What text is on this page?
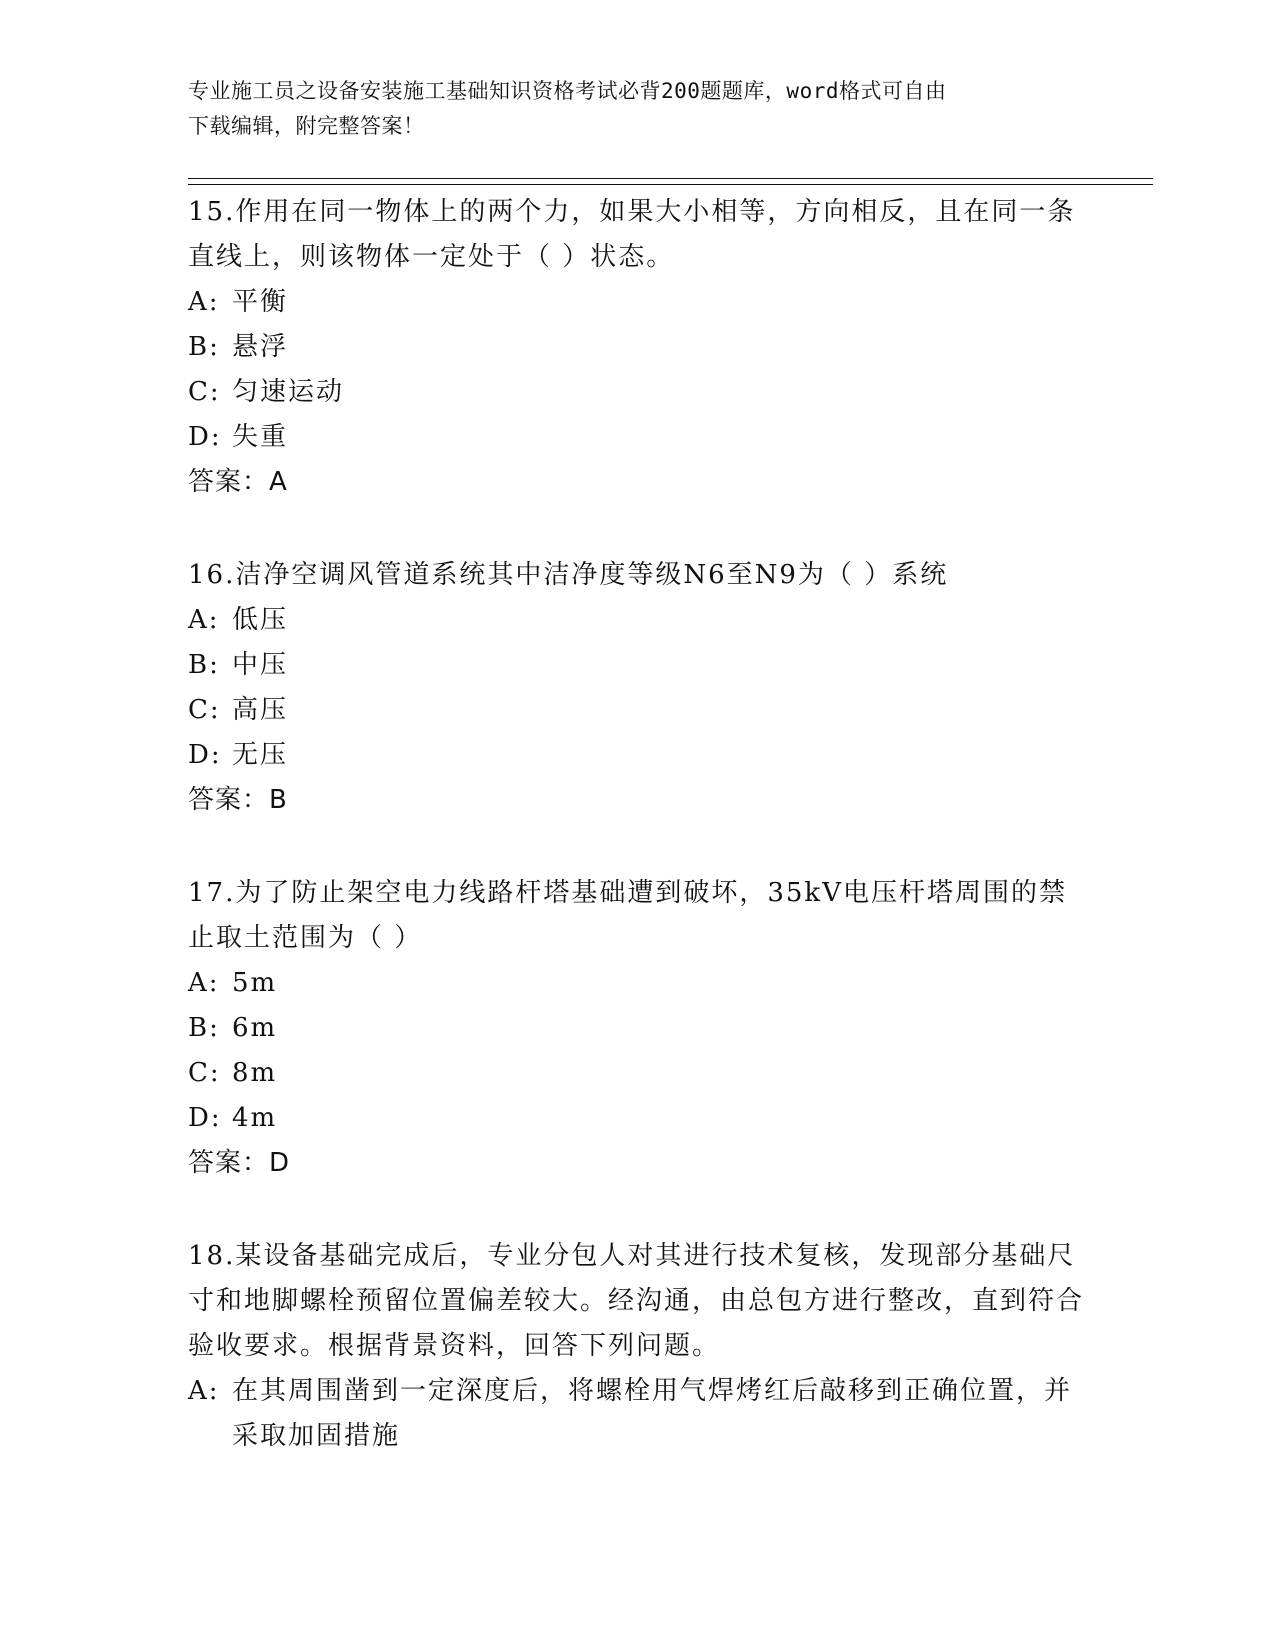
专业施工员之设备安装施工基础知识资格考试必背200题题库，word格式可自由
下载编辑，附完整答案！

15.作用在同一物体上的两个力，如果大小相等，方向相反，且在同一条直线上，则该物体一定处于（ ）状态。

A: 平衡
B: 悬浮
C: 匀速运动
D: 失重

答案：A

16.洁净空调风管道系统其中洁净度等级N6至N9为（ ）系统

A: 低压
B: 中压
C: 高压
D: 无压

答案：B

17.为了防止架空电力线路杆塔基础遭到破坏，35kV电压杆塔周围的禁止取土范围为（ ）

A: 5m
B: 6m
C: 8m
D: 4m

答案：D

18.某设备基础完成后，专业分包人对其进行技术复核，发现部分基础尺寸和地脚螺栓预留位置偏差较大。经沟通，由总包方进行整改，直到符合验收要求。根据背景资料，回答下列问题。

A: 在其周围凿到一定深度后，将螺栓用气焊烤红后敲移到正确位置，并采取加固措施
